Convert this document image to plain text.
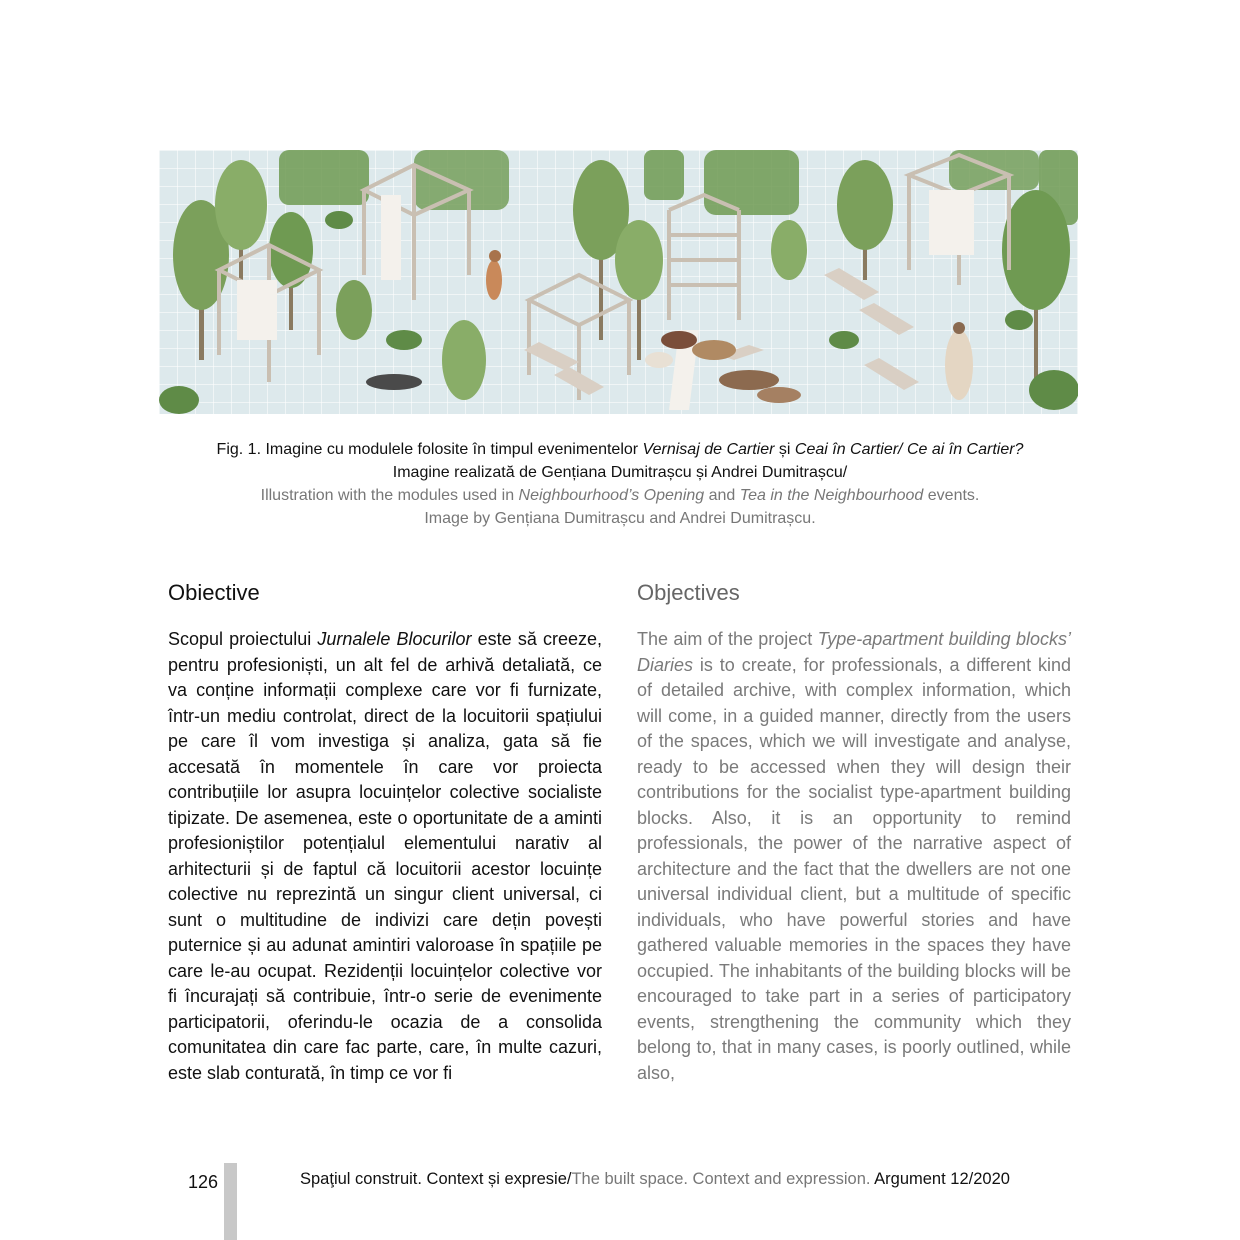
Fig. 1. Imagine cu modulele folosite în timpul evenimentelor Vernisaj de Cartier și Ceai în Cartier/ Ce ai în Cartier?
Imagine realizată de Gențiana Dumitrașcu și Andrei Dumitrașcu/
Illustration with the modules used in Neighbourhood’s Opening and Tea in the Neighbourhood events.
Image by Gențiana Dumitrașcu and Andrei Dumitrașcu.
Obiective

Scopul proiectului Jurnalele Blocurilor este să creeze, pentru profesioniști, un alt fel de arhivă detaliată, ce va conține informații complexe care vor fi furnizate, într-un mediu controlat, direct de la locuitorii spațiului pe care îl vom investiga și analiza, gata să fie accesată în momentele în care vor proiecta contribuțiile lor asupra locuințelor colective socialiste tipizate. De asemenea, este o oportunitate de a aminti profesioniștilor potențialul elementului narativ al arhitecturii și de faptul că locuitorii acestor locuințe colective nu reprezintă un singur client universal, ci sunt o multitudine de indivizi care dețin povești puternice și au adunat amintiri valoroase în spațiile pe care le-au ocupat. Rezidenții locuințelor colective vor fi încurajați să contribuie, într-o serie de evenimente participatorii, oferindu-le ocazia de a consolida comunitatea din care fac parte, care, în multe cazuri, este slab conturată, în timp ce vor fi

Objectives

The aim of the project Type-apartment building blocks’ Diaries is to create, for professionals, a different kind of detailed archive, with complex information, which will come, in a guided manner, directly from the users of the spaces, which we will investigate and analyse, ready to be accessed when they will design their contributions for the socialist type-apartment building blocks. Also, it is an opportunity to remind professionals, the power of the narrative aspect of architecture and the fact that the dwellers are not one universal individual client, but a multitude of specific individuals, who have powerful stories and have gathered valuable memories in the spaces they have occupied. The inhabitants of the building blocks will be encouraged to take part in a series of participatory events, strengthening the community which they belong to, that in many cases, is poorly outlined, while also,

126	Spaţiul construit. Context și expresie/The built space. Context and expression. Argument 12/2020
